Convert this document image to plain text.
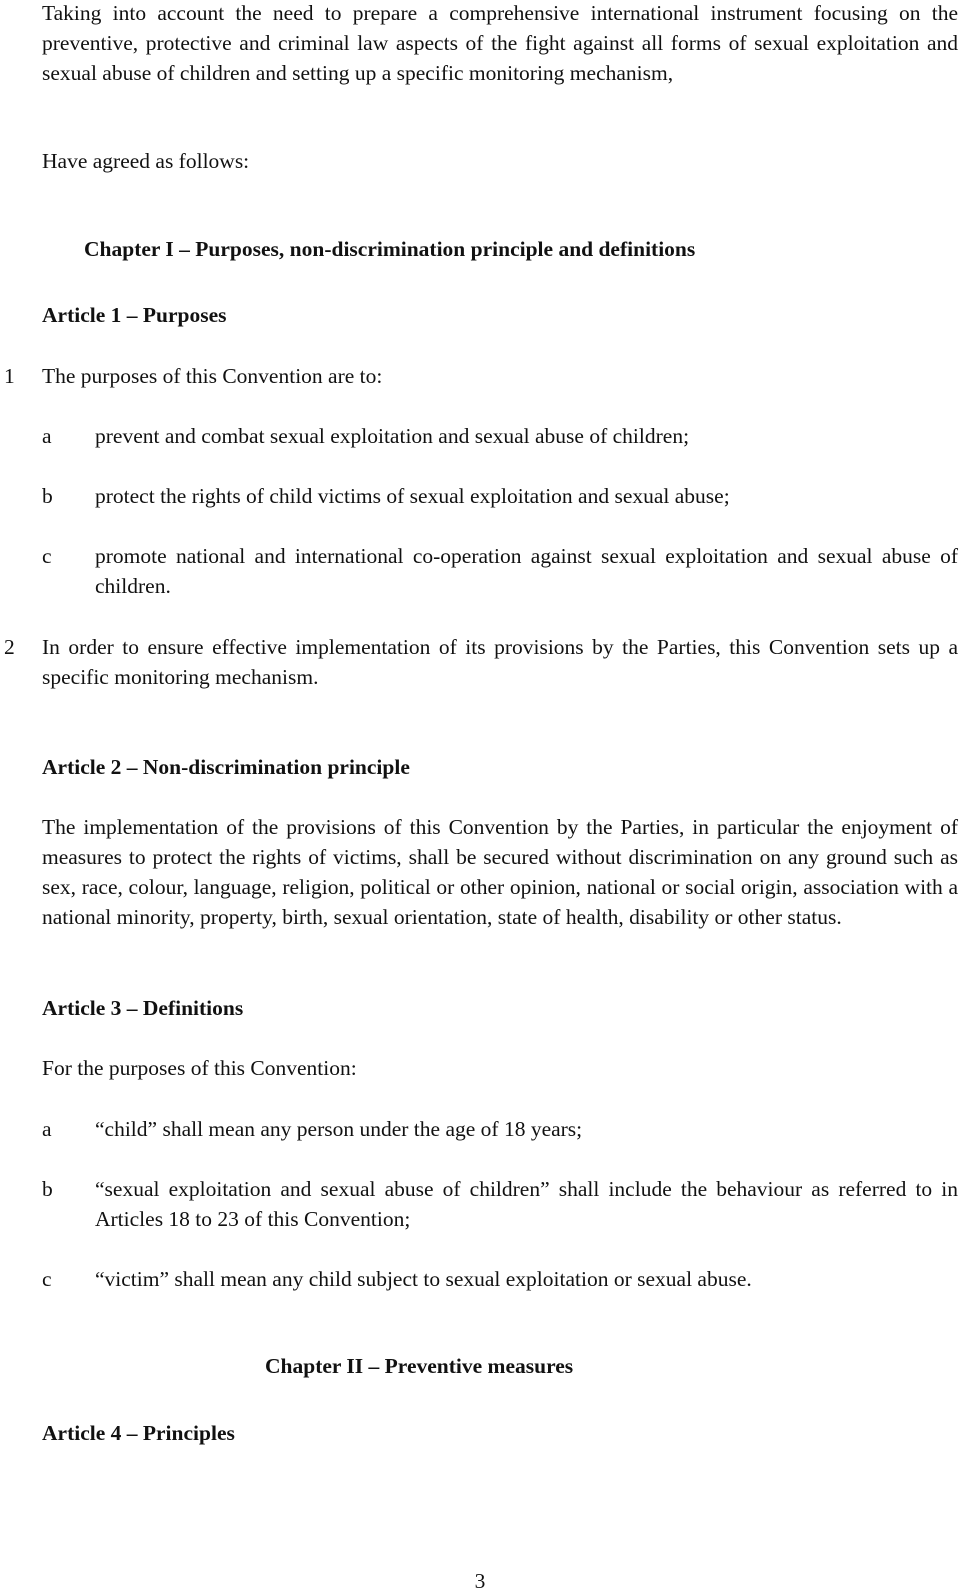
Taking into account the need to prepare a comprehensive international instrument focusing on the preventive, protective and criminal law aspects of the fight against all forms of sexual exploitation and sexual abuse of children and setting up a specific monitoring mechanism,

Have agreed as follows:

Chapter I – Purposes, non-discrimination principle and definitions

Article 1 – Purposes

1 The purposes of this Convention are to:
a prevent and combat sexual exploitation and sexual abuse of children;
b protect the rights of child victims of sexual exploitation and sexual abuse;
c promote national and international co-operation against sexual exploitation and sexual abuse of children.
2 In order to ensure effective implementation of its provisions by the Parties, this Convention sets up a specific monitoring mechanism.

Article 2 – Non-discrimination principle

The implementation of the provisions of this Convention by the Parties, in particular the enjoyment of measures to protect the rights of victims, shall be secured without discrimination on any ground such as sex, race, colour, language, religion, political or other opinion, national or social origin, association with a national minority, property, birth, sexual orientation, state of health, disability or other status.

Article 3 – Definitions

For the purposes of this Convention:

a “child” shall mean any person under the age of 18 years;
b “sexual exploitation and sexual abuse of children” shall include the behaviour as referred to in Articles 18 to 23 of this Convention;
c “victim” shall mean any child subject to sexual exploitation or sexual abuse.

Chapter II – Preventive measures

Article 4 – Principles

3
